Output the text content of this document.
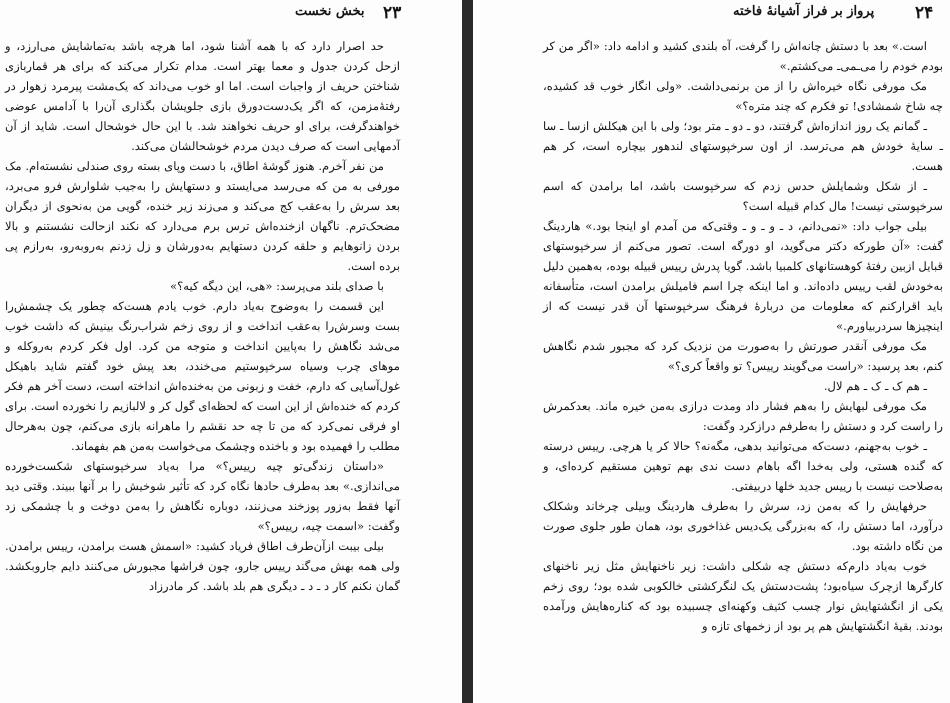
بخش نخست ۲۳

حد اصرار دارد که با همه آشنا شود، اما هرچه باشد به‌تماشایش می‌ارزد، و ازحل کردن جدول و معما بهتر است. مدام تکرار می‌کند که برای هر قماربازی شناختن حریف از واجبات است. اما او خوب می‌داند که یک‌مشت پیرمرد زهوار در رفته‌ٔ‌مزمن، که اگر یک‌دست‌دورق بازی جلویشان بگذاری آن‌را با آدامس عوضی خواهندگرفت، برای او حریف نخواهند شد. با این حال خوشحال است. شاید از آن آدمهایی است که صرف دیدن مردم خوشحالشان می‌کند.

من نفر آخرم. هنوز گوشهٔ اطاق، با دست وپای بسته روی صندلی نشسته‌ام. مک مورفی به من که می‌رسد می‌ایستد و دستهایش را به‌جیب شلوارش فرو می‌برد، بعد سرش را به‌عقب کج می‌کند و می‌زند زیر خنده، گویی من به‌نحوی از دیگران مضحک‌ترم. ناگهان ازخنده‌اش ترس برم می‌دارد که نکند ازحالت نشستنم و بالا بردن زانوهایم و حلقه کردن دستهایم به‌دورشان و زل زدنم به‌روبه‌رو، به‌رازم پی برده است.

با صدای بلند می‌پرسد: «هی، این دیگه کیه؟»

این قسمت را به‌وضوح به‌یاد دارم. خوب یادم هست‌که چطور یک چشمش‌را بست وسرش‌را به‌عقب انداخت و از روی زخم شراب‌رنگ بینیش که داشت خوب می‌شد نگاهش را به‌پایین انداخت و متوجه من کرد. اول فکر کردم به‌رو‌کله و موهای چرب وسیاه سرخپوستیم می‌خندد، بعد پیش خود گفتم شاید باهیکل غول‌آسایی که دارم، خفت و زبونی من به‌خنده‌اش انداخته است، دست آخر هم فکر کردم که خنده‌اش از این است که لحظه‌ای گول کر و لالبازیم را نخورده است. برای او فرقی نمی‌کرد که من تا چه حد نقشم را ماهرانه بازی می‌کنم، چون به‌هرحال مطلب را فهمیده بود و باخنده وچشمک می‌خواست به‌من هم بفهماند.

«داستان زندگی‌تو چیه رییس؟» مرا به‌یاد سرخپوستهای شکست‌خورده می‌اندازی.» بعد به‌طرف حادها نگاه کرد که تأثیر شوخیش را بر آنها ببیند. وقتی دید آنها فقط به‌زور پوزخند می‌زنند، دوباره نگاهش را به‌من دوخت و با چشمکی زد وگفت: «اسمت چیه، رییس؟»

بیلی بیبت ازآن‌طرف اطاق فریاد کشید: «اسمش هست برامدن، رییس برامدن. ولی همه بهش می‌گند رییس جارو، چون فراشها مجبورش می‌کنند دایم جاروبکشد. گمان نکنم کار د ـ د ـ دیگری هم بلد باشد. کر مادرزاد

پرواز بر فراز آشیانهٔ فاخته ۲۴

است.» بعد با دستش چانه‌اش را گرفت، آه بلندی کشید و ادامه داد: «اگر من کر بودم خودم را می‌ـمی‌ـ می‌کشتم.»

مک مورفی نگاه خیره‌اش را از من برنمی‌داشت. «ولی انگار خوب قد کشیده، چه شاخ شمشادی! تو فکرم که چند متره؟»

ـ گمانم یک روز اندازه‌اش گرفتند، دو ـ دو ـ متر بود؛ ولی با این هیکلش ازسا ـ سا ـ سایهٔ خودش هم می‌ترسد. از اون سرخپوستهای لندهور بیچاره است، کر هم هست.

ـ از شکل وشمایلش حدس زدم که سرخپوست باشد، اما برامدن که اسم سرخپوستی نیست! مال کدام قبیله است؟

بیلی جواب داد: «نمی‌دانم، د ـ و ـ و ـ وقتی‌که من آمدم او اینجا بود.» هاردینگ گفت: «آن طورکه دکتر می‌گوید، او دورگه است. تصور می‌کنم از سرخپوستهای قبایل ازبین رفتهٔ کوهستانهای کلمبیا باشد. گویا پدرش رییس قبیله بوده، به‌همین دلیل به‌خودش لقب رییس داده‌اند. و اما اینکه چرا اسم فامیلش برامدن است، متأسفانه باید اقرارکنم که معلومات من دربارهٔ فرهنگ سرخپوستها آن قدر نیست که از اینچیزها سردربیاورم.»

مک مورفی آنقدر صورتش را به‌صورت من نزدیک کرد که مجبور شدم نگاهش کنم، بعد پرسید: «راست می‌گویند رییس؟ تو واقعاً کری؟»

ـ هم ک ـ ک ـ هم لال.

مک مورفی لبهایش را به‌هم فشار داد ومدت درازی به‌من خیره ماند. بعدکمرش را راست کرد و دستش را به‌طرفم درازکرد وگفت:

ـ خوب به‌جهنم، دست‌که می‌توانید بدهی، مگه‌نه؟ حالا کر یا هرچی. رییس درسته که گنده هستی، ولی به‌خدا اگه باهام دست ندی بهم توهین مستقیم کرده‌ای، و به‌صلاحت نیست با رییس جدید خلها دربیفتی.

حرفهایش را که به‌من زد، سرش را به‌طرف هاردینگ وبیلی چرخاند وشکلک درآورد، اما دستش را، که به‌بزرگی یک‌دیس غذاخوری بود، همان طور جلوی صورت من نگاه داشته بود.

خوب به‌یاد دارم‌که دستش چه شکلی داشت: زیر ناخنهایش مثل زیر ناخنهای کارگرها ازچرک سیاه‌بود؛ پشت‌دستش یک لنگرکشتی خالکوبی شده بود؛ روی زخم یکی از انگشتهایش نوار چسب کثیف وکهنه‌ای چسبیده بود که کناره‌هایش ورآمده بودند. بقیهٔ انگشتهایش هم پر بود از زخمهای تازه و
